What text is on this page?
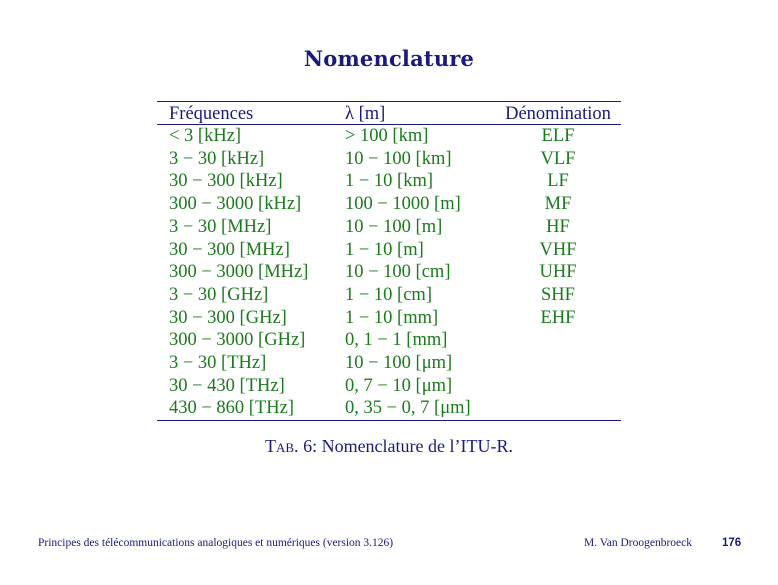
Nomenclature
Fréquences	λ [m]	Dénomination
< 3 [kHz]	> 100 [km]	ELF
3 − 30 [kHz]	10 − 100 [km]	VLF
30 − 300 [kHz]	1 − 10 [km]	LF
300 − 3000 [kHz]	100 − 1000 [m]	MF
3 − 30 [MHz]	10 − 100 [m]	HF
30 − 300 [MHz]	1 − 10 [m]	VHF
300 − 3000 [MHz]	10 − 100 [cm]	UHF
3 − 30 [GHz]	1 − 10 [cm]	SHF
30 − 300 [GHz]	1 − 10 [mm]	EHF
300 − 3000 [GHz]	0, 1 − 1 [mm]	
3 − 30 [THz]	10 − 100 [μm]	
30 − 430 [THz]	0, 7 − 10 [μm]	
430 − 860 [THz]	0, 35 − 0, 7 [μm]	
Tab. 6: Nomenclature de l’ITU-R.
Principes des télécommunications analogiques et numériques (version 3.126)	M. Van Droogenbroeck	176
